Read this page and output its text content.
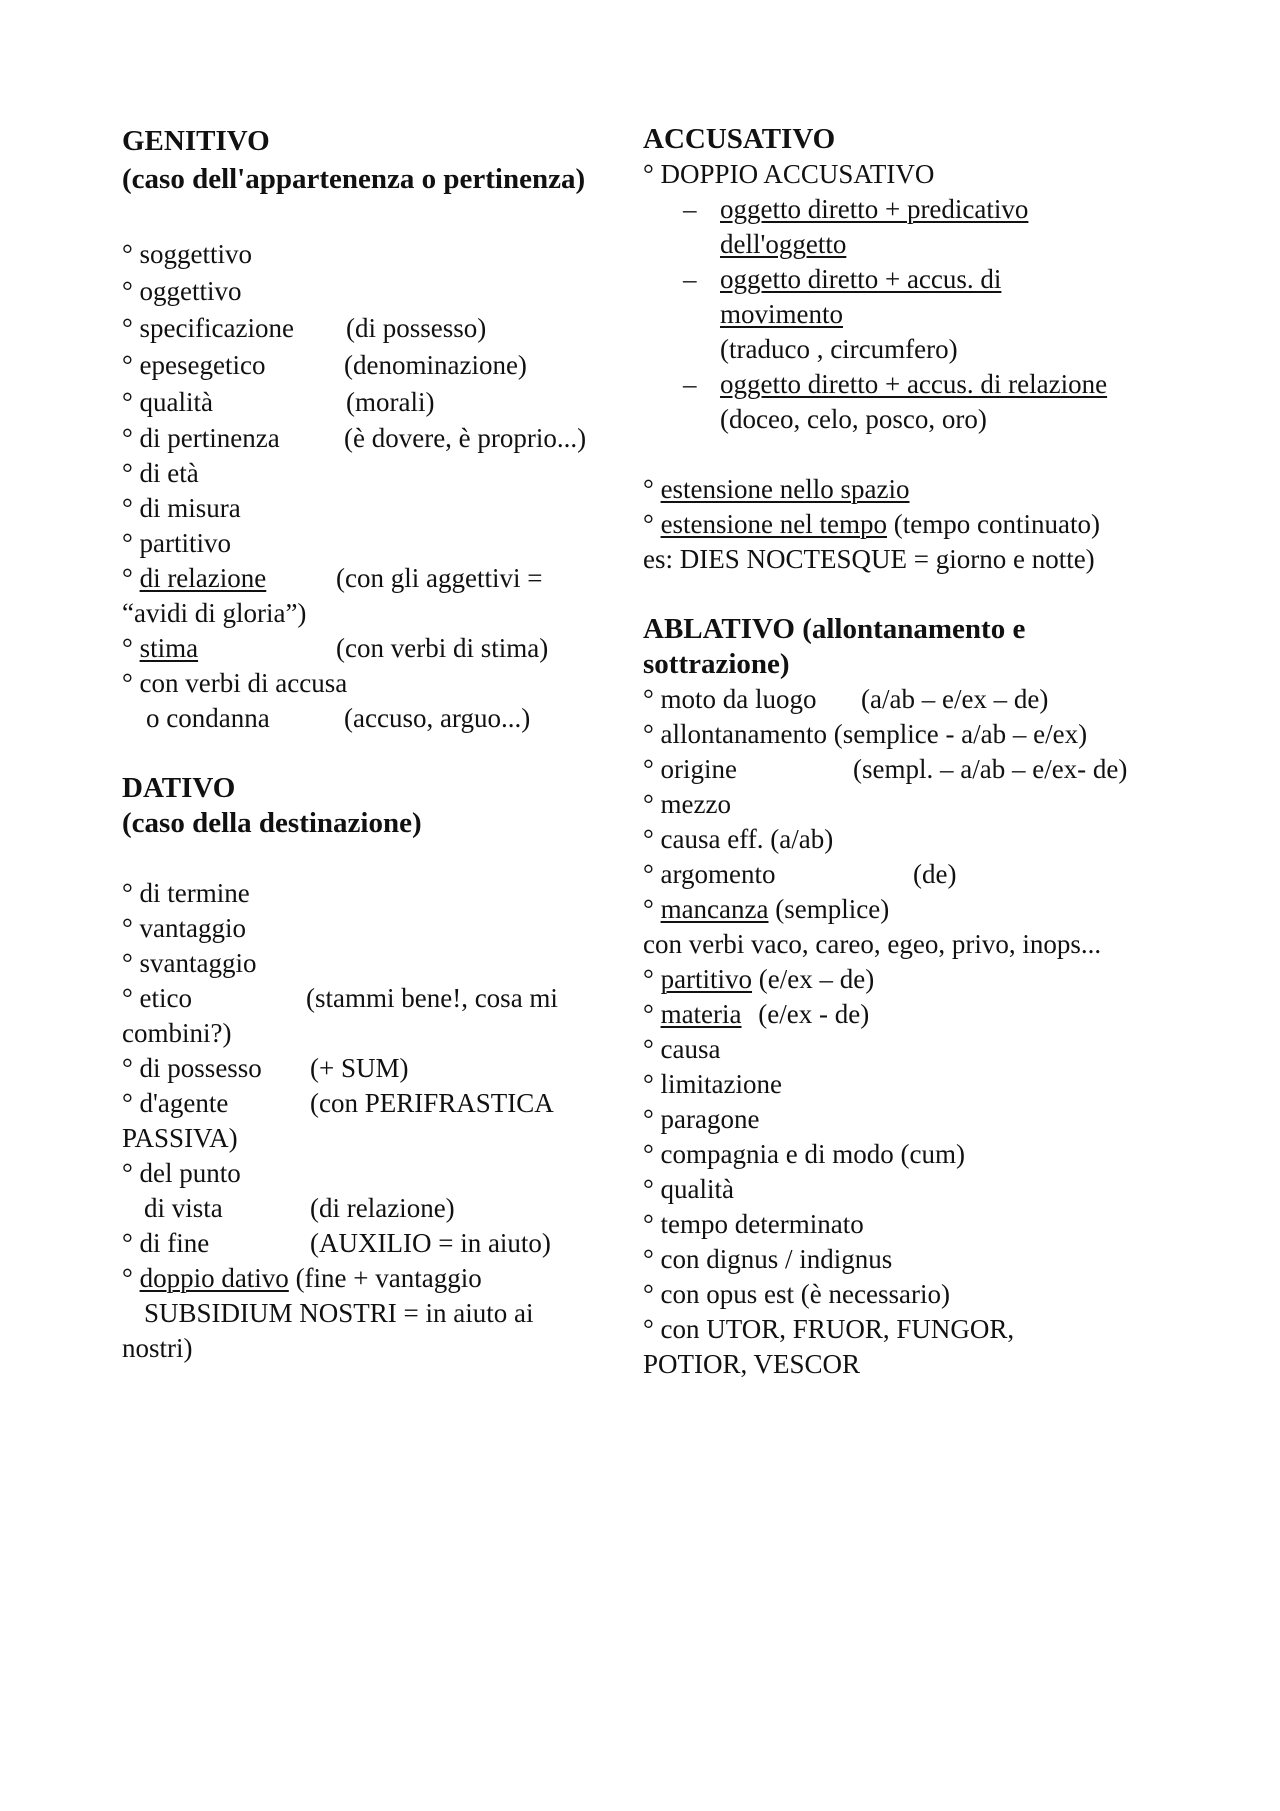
GENITIVO
(caso dell'appartenenza o pertinenza)
° soggettivo
° oggettivo
° specificazione (di possesso)
° epesegetico	(denominazione)
° qualità	(morali)
° di pertinenza (è dovere, è proprio...)
° di età
° di misura
° partitivo
° di relazione	(con gli aggettivi =
“avidi di gloria”)
° stima	(con verbi di stima)
° con verbi di accusa
o condanna	(accuso, arguo...)
DATIVO
(caso della destinazione)
° di termine
° vantaggio
° svantaggio
° etico	(stammi bene!, cosa mi
combini?)
° di possesso (+ SUM)
° d'agente	(con PERIFRASTICA
PASSIVA)
° del punto
di vista	(di relazione)
° di fine	(AUXILIO = in aiuto)
° doppio dativo (fine + vantaggio
SUBSIDIUM NOSTRI = in aiuto ai
nostri)
ACCUSATIVO
° DOPPIO ACCUSATIVO
– oggetto diretto + predicativo
dell'oggetto
– oggetto diretto + accus. di
movimento
(traduco , circumfero)
– oggetto diretto + accus. di relazione
(doceo, celo, posco, oro)
° estensione nello spazio
° estensione nel tempo (tempo continuato)
es: DIES NOCTESQUE = giorno e notte)
ABLATIVO (allontanamento e
sottrazione)
° moto da luogo (a/ab – e/ex – de)
° allontanamento (semplice - a/ab – e/ex)
° origine	(sempl. – a/ab – e/ex- de)
° mezzo
° causa eff. (a/ab)
° argomento	(de)
° mancanza (semplice)
con verbi vaco, careo, egeo, privo, inops...
° partitivo (e/ex – de)
° materia (e/ex - de)
° causa
° limitazione
° paragone
° compagnia e di modo (cum)
° qualità
° tempo determinato
° con dignus / indignus
° con opus est (è necessario)
° con UTOR, FRUOR, FUNGOR,
POTIOR, VESCOR
